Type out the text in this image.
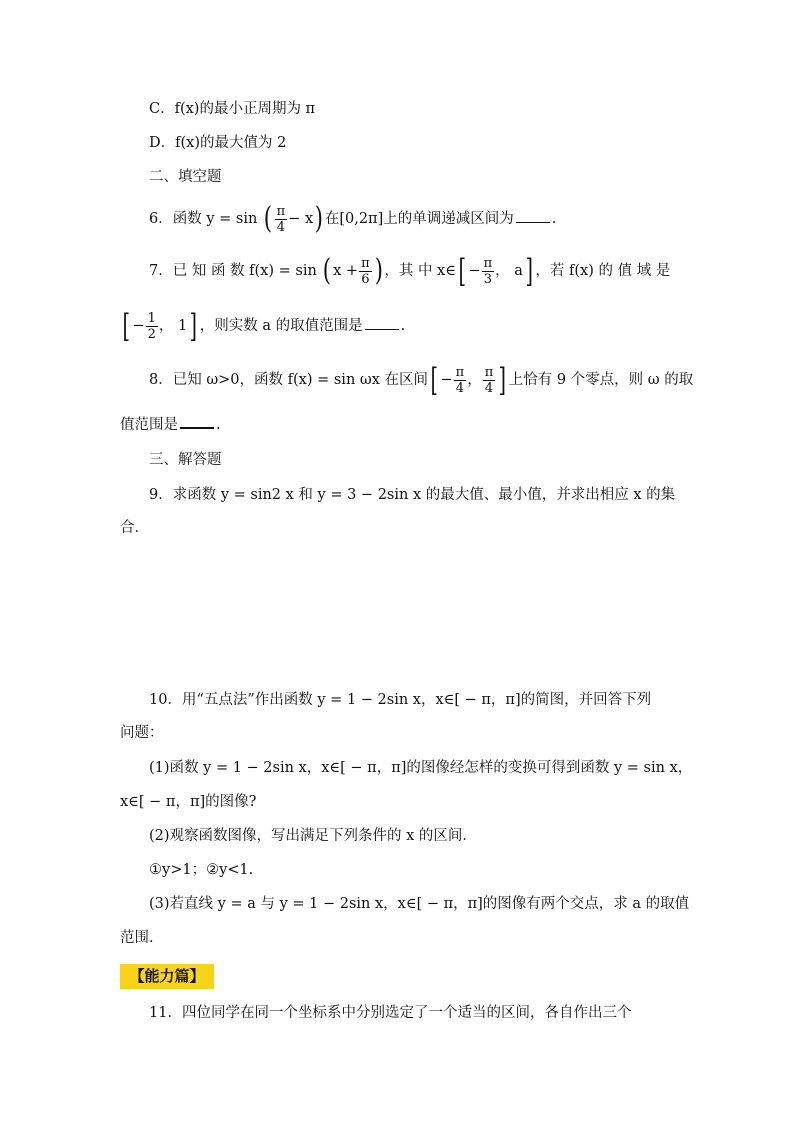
C．f(x)的最小正周期为 π
D．f(x)的最大值为 2
二、填空题
6．函数 y = sin ( $\frac{\pi}{4} - x$) 在[0,2π]上的单调递减区间为	.
7．已 知 函 数 f(x) = sin ( $x + \frac{\pi}{6}$ ) ，其 中 x∈[ − $\frac{\pi}{3}$ ， a] ，若 f(x) 的 值 域 是
[ − $\frac{1}{2}$ ， 1] ，则实数 a 的取值范围是	.
8．已知 ω>0，函数 f(x) = sin ωx 在区间[ − $\frac{\pi}{4}$ ， $\frac{\pi}{4}$ ] 上恰有 9 个零点，则 ω 的取
值范围是	.
三、解答题
9．求函数 y = sin2 x 和 y = 3 − 2sin x 的最大值、最小值，并求出相应 x 的集
合．
10．用“五点法”作出函数 y = 1 − 2sin x，x∈[ − π，π]的简图，并回答下列
问题：
(1)函数 y = 1 − 2sin x，x∈[ − π，π]的图像经怎样的变换可得到函数 y = sin x，
x∈[ − π，π]的图像?
(2)观察函数图像，写出满足下列条件的 x 的区间．
①y>1；②y<1.
(3)若直线 y = a 与 y = 1 − 2sin x，x∈[ − π，π]的图像有两个交点，求 a 的取值
范围．
【能力篇】
11．四位同学在同一个坐标系中分别选定了一个适当的区间，各自作出三个
